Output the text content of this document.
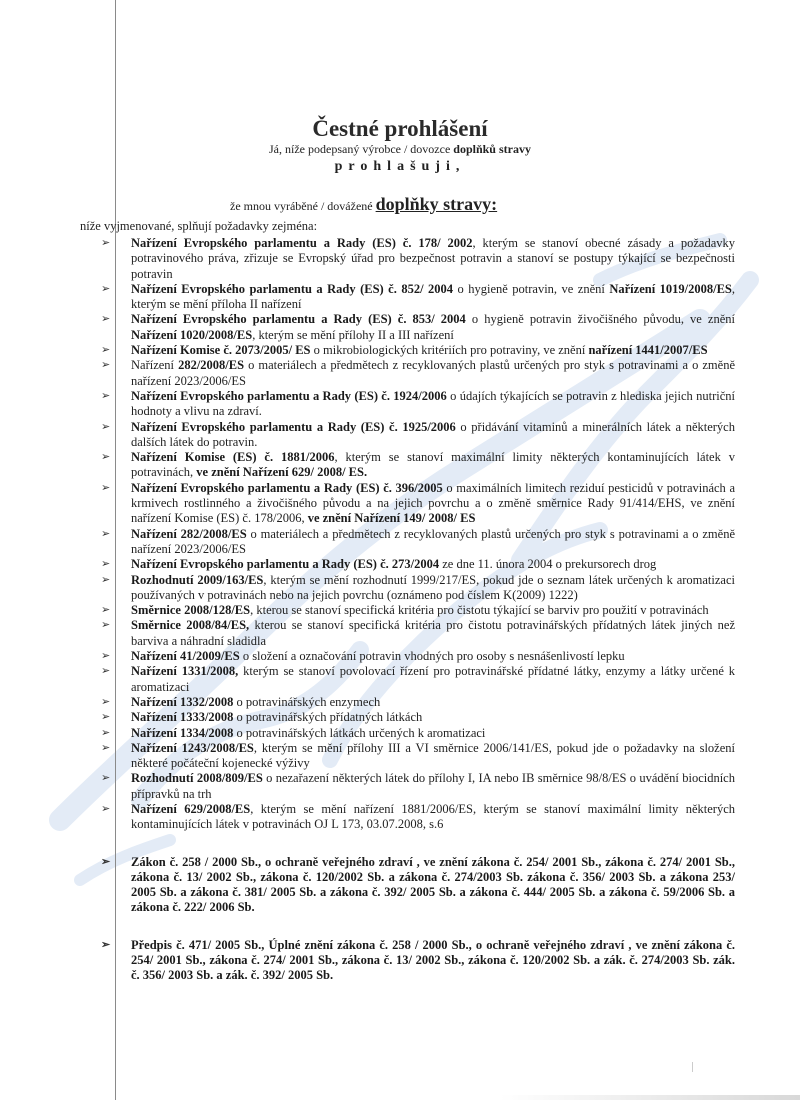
Čestné prohlášení
Já, níže podepsaný výrobce / dovozce doplňků stravy
prohlašuji,
že mnou vyráběné / dovážené doplňky stravy:
níže vyjmenované, splňují požadavky zejména:
➢ Nařízení Evropského parlamentu a Rady (ES) č. 178/ 2002, kterým se stanoví obecné zásady a požadavky potravinového práva, zřizuje se Evropský úřad pro bezpečnost potravin a stanoví se postupy týkající se bezpečnosti potravin
➢ Nařízení Evropského parlamentu a Rady (ES) č. 852/ 2004 o hygieně potravin, ve znění Nařízení 1019/2008/ES, kterým se mění příloha II nařízení
➢ Nařízení Evropského parlamentu a Rady (ES) č. 853/ 2004 o hygieně potravin živočišného původu, ve znění Nařízení 1020/2008/ES, kterým se mění přílohy II a III nařízení
➢ Nařízení Komise č. 2073/2005/ ES o mikrobiologických kritériích pro potraviny, ve znění nařízení 1441/2007/ES
➢ Nařízení 282/2008/ES o materiálech a předmětech z recyklovaných plastů určených pro styk s potravinami a o změně nařízení 2023/2006/ES
➢ Nařízení Evropského parlamentu a Rady (ES) č. 1924/2006 o údajích týkajících se potravin z hlediska jejich nutriční hodnoty a vlivu na zdraví.
➢ Nařízení Evropského parlamentu a Rady (ES) č. 1925/2006 o přidávání vitaminů a minerálních látek a některých dalších látek do potravin.
➢ Nařízení Komise (ES) č. 1881/2006, kterým se stanoví maximální limity některých kontaminujících látek v potravinách, ve znění Nařízení 629/ 2008/ ES.
➢ Nařízení Evropského parlamentu a Rady (ES) č. 396/2005 o maximálních limitech reziduí pesticidů v potravinách a krmivech rostlinného a živočišného původu a na jejich povrchu a o změně směrnice Rady 91/414/EHS, ve znění nařízení Komise (ES) č. 178/2006, ve znění Nařízení 149/ 2008/ ES
➢ Nařízení 282/2008/ES o materiálech a předmětech z recyklovaných plastů určených pro styk s potravinami a o změně nařízení 2023/2006/ES
➢ Nařízení Evropského parlamentu a Rady (ES) č. 273/2004 ze dne 11. února 2004 o prekursorech drog
➢ Rozhodnutí 2009/163/ES, kterým se mění rozhodnutí 1999/217/ES, pokud jde o seznam látek určených k aromatizaci používaných v potravinách nebo na jejich povrchu (oznámeno pod číslem K(2009) 1222)
➢ Směrnice 2008/128/ES, kterou se stanoví specifická kritéria pro čistotu týkající se barviv pro použití v potravinách
➢ Směrnice 2008/84/ES, kterou se stanoví specifická kritéria pro čistotu potravinářských přídatných látek jiných než barviva a náhradní sladidla
➢ Nařízení 41/2009/ES o složení a označování potravin vhodných pro osoby s nesnášenlivostí lepku
➢ Nařízení 1331/2008, kterým se stanoví povolovací řízení pro potravinářské přídatné látky, enzymy a látky určené k aromatizaci
➢ Nařízení 1332/2008 o potravinářských enzymech
➢ Nařízení 1333/2008 o potravinářských přídatných látkách
➢ Nařízení 1334/2008 o potravinářských látkách určených k aromatizaci
➢ Nařízení 1243/2008/ES, kterým se mění přílohy III a VI směrnice 2006/141/ES, pokud jde o požadavky na složení některé počáteční kojenecké výživy
➢ Rozhodnutí 2008/809/ES o nezařazení některých látek do přílohy I, IA nebo IB směrnice 98/8/ES o uvádění biocidních přípravků na trh
➢ Nařízení 629/2008/ES, kterým se mění nařízení 1881/2006/ES, kterým se stanoví maximální limity některých kontaminujících látek v potravinách OJ L 173, 03.07.2008, s.6
➢ Zákon č. 258 / 2000 Sb., o ochraně veřejného zdraví , ve znění zákona č. 254/ 2001 Sb., zákona č. 274/ 2001 Sb., zákona č. 13/ 2002 Sb., zákona č. 120/2002 Sb. a zákona č. 274/2003 Sb. zákona č. 356/ 2003 Sb. a zákona 253/ 2005 Sb. a zákona č. 381/ 2005 Sb. a zákona č. 392/ 2005 Sb. a zákona č. 444/ 2005 Sb. a zákona č. 59/2006 Sb. a zákona č. 222/ 2006 Sb.
➢ Předpis č. 471/ 2005 Sb., Úplné znění zákona č. 258 / 2000 Sb., o ochraně veřejného zdraví , ve znění zákona č. 254/ 2001 Sb., zákona č. 274/ 2001 Sb., zákona č. 13/ 2002 Sb., zákona č. 120/2002 Sb. a zák. č. 274/2003 Sb. zák. č. 356/ 2003 Sb. a zák. č. 392/ 2005 Sb.
